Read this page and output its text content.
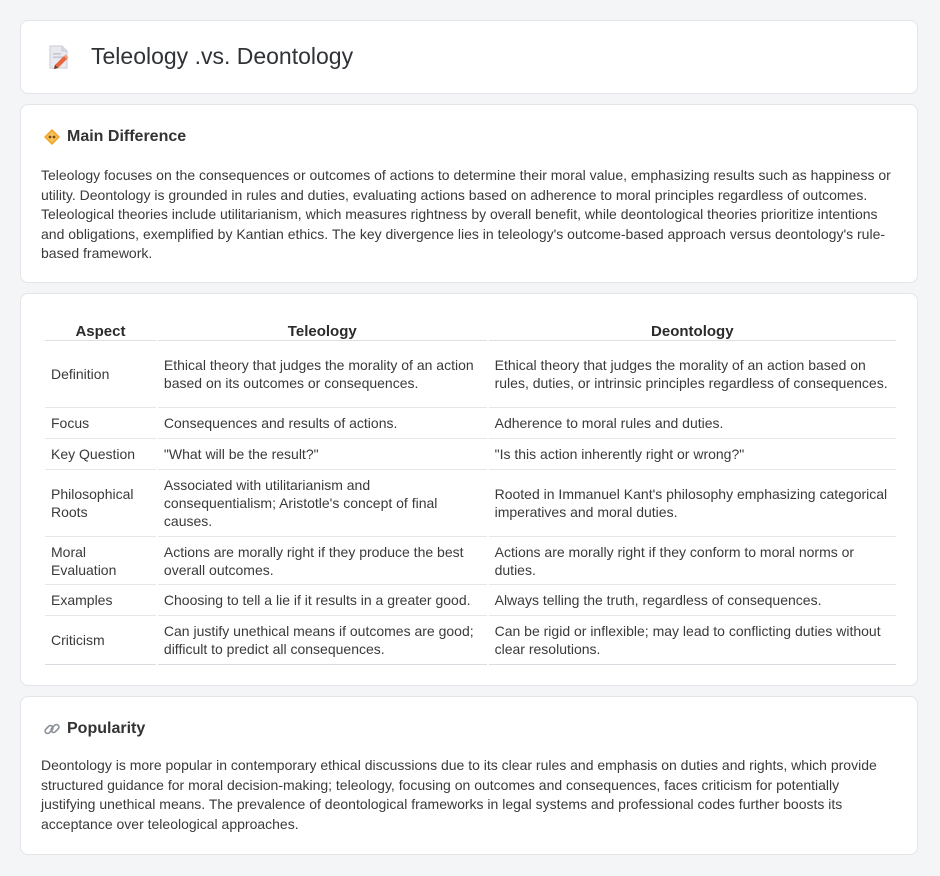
Teleology .vs. Deontology
Main Difference

Teleology focuses on the consequences or outcomes of actions to determine their moral value, emphasizing results such as happiness or utility. Deontology is grounded in rules and duties, evaluating actions based on adherence to moral principles regardless of outcomes. Teleological theories include utilitarianism, which measures rightness by overall benefit, while deontological theories prioritize intentions and obligations, exemplified by Kantian ethics. The key divergence lies in teleology's outcome-based approach versus deontology's rule-based framework.

Aspect	Teleology	Deontology
Definition	Ethical theory that judges the morality of an action based on its outcomes or consequences.	Ethical theory that judges the morality of an action based on rules, duties, or intrinsic principles regardless of consequences.
Focus	Consequences and results of actions.	Adherence to moral rules and duties.
Key Question	"What will be the result?"	"Is this action inherently right or wrong?"
Philosophical Roots	Associated with utilitarianism and consequentialism; Aristotle's concept of final causes.	Rooted in Immanuel Kant's philosophy emphasizing categorical imperatives and moral duties.
Moral Evaluation	Actions are morally right if they produce the best overall outcomes.	Actions are morally right if they conform to moral norms or duties.
Examples	Choosing to tell a lie if it results in a greater good.	Always telling the truth, regardless of consequences.
Criticism	Can justify unethical means if outcomes are good; difficult to predict all consequences.	Can be rigid or inflexible; may lead to conflicting duties without clear resolutions.
Popularity

Deontology is more popular in contemporary ethical discussions due to its clear rules and emphasis on duties and rights, which provide structured guidance for moral decision-making; teleology, focusing on outcomes and consequences, faces criticism for potentially justifying unethical means. The prevalence of deontological frameworks in legal systems and professional codes further boosts its acceptance over teleological approaches.
